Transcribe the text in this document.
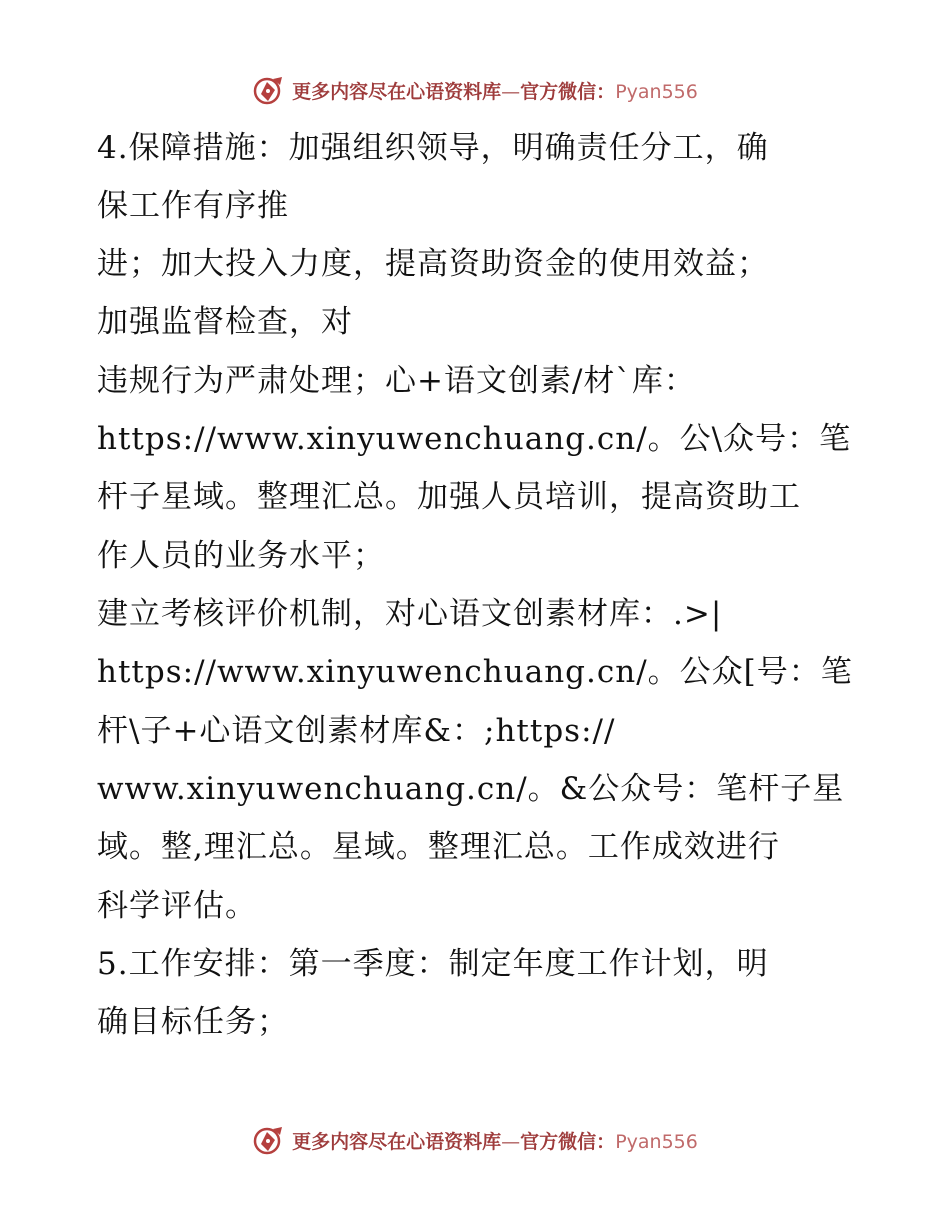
更多内容尽在心语资料库—官方微信：Pyan556
4.保障措施：加强组织领导，明确责任分工，确
保工作有序推
进；加大投入力度，提高资助资金的使用效益；
加强监督检查，对
违规行为严肃处理；心+语文创素/材`库：
https://www.xinyuwenchuang.cn/。公\众号：笔
杆子星域。整理汇总。加强人员培训，提高资助工
作人员的业务水平；
建立考核评价机制，对心语文创素材库：.>|
https://www.xinyuwenchuang.cn/。公众[号：笔
杆\子+心语文创素材库&：;https://
www.xinyuwenchuang.cn/。&公众号：笔杆子星
域。整,理汇总。星域。整理汇总。工作成效进行
科学评估。
5.工作安排：第一季度：制定年度工作计划，明
确目标任务；
更多内容尽在心语资料库—官方微信：Pyan556
